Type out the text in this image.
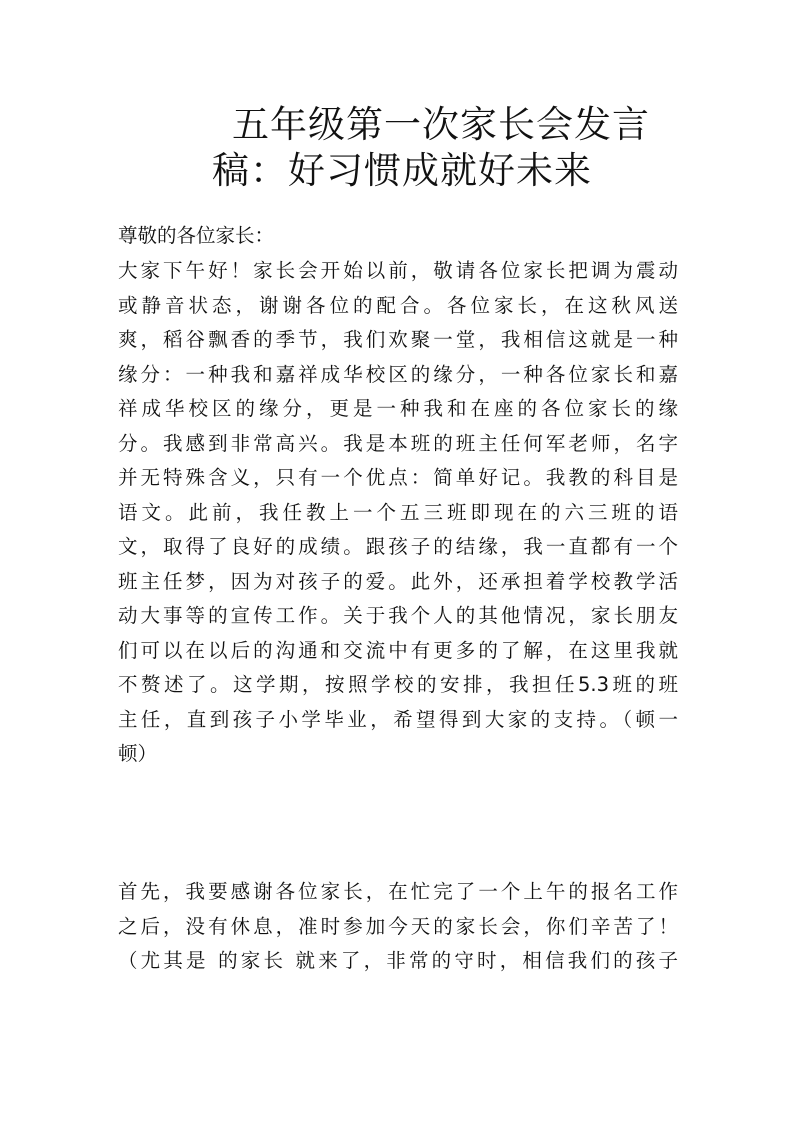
五年级第一次家长会发言
稿：好习惯成就好未来
尊敬的各位家长：
大家下午好！家长会开始以前，敬请各位家长把调为震动
或静音状态，谢谢各位的配合。各位家长，在这秋风送
爽，稻谷飘香的季节，我们欢聚一堂，我相信这就是一种
缘分：一种我和嘉祥成华校区的缘分，一种各位家长和嘉
祥成华校区的缘分，更是一种我和在座的各位家长的缘
分。我感到非常高兴。我是本班的班主任何军老师，名字
并无特殊含义，只有一个优点：简单好记。我教的科目是
语文。此前，我任教上一个五三班即现在的六三班的语
文，取得了良好的成绩。跟孩子的结缘，我一直都有一个
班主任梦，因为对孩子的爱。此外，还承担着学校教学活
动大事等的宣传工作。关于我个人的其他情况，家长朋友
们可以在以后的沟通和交流中有更多的了解，在这里我就
不赘述了。这学期，按照学校的安排，我担任5.3班的班
主任，直到孩子小学毕业，希望得到大家的支持。（顿一
顿）
首先，我要感谢各位家长，在忙完了一个上午的报名工作
之后，没有休息，准时参加今天的家长会，你们辛苦了！
（尤其是 的家长 就来了，非常的守时，相信我们的孩子
